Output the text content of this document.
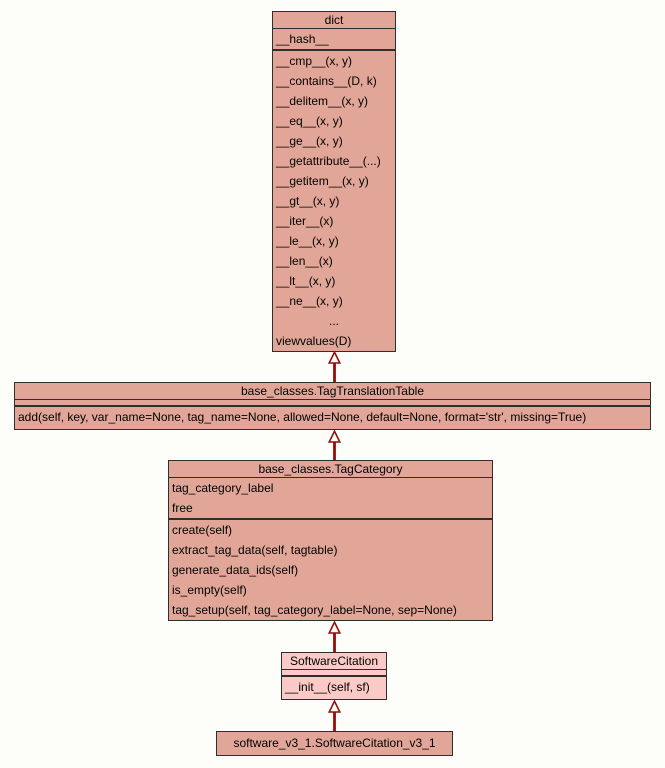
dict
__hash__
__cmp__(x, y)
__contains__(D, k)
__delitem__(x, y)
__eq__(x, y)
__ge__(x, y)
__getattribute__(...)
__getitem__(x, y)
__gt__(x, y)
__iter__(x)
__le__(x, y)
__len__(x)
__lt__(x, y)
__ne__(x, y)
...
viewvalues(D)
base_classes.TagTranslationTable
add(self, key, var_name=None, tag_name=None, allowed=None, default=None, format='str', missing=True)
base_classes.TagCategory
tag_category_label
free
create(self)
extract_tag_data(self, tagtable)
generate_data_ids(self)
is_empty(self)
tag_setup(self, tag_category_label=None, sep=None)
SoftwareCitation
__init__(self, sf)
software_v3_1.SoftwareCitation_v3_1
